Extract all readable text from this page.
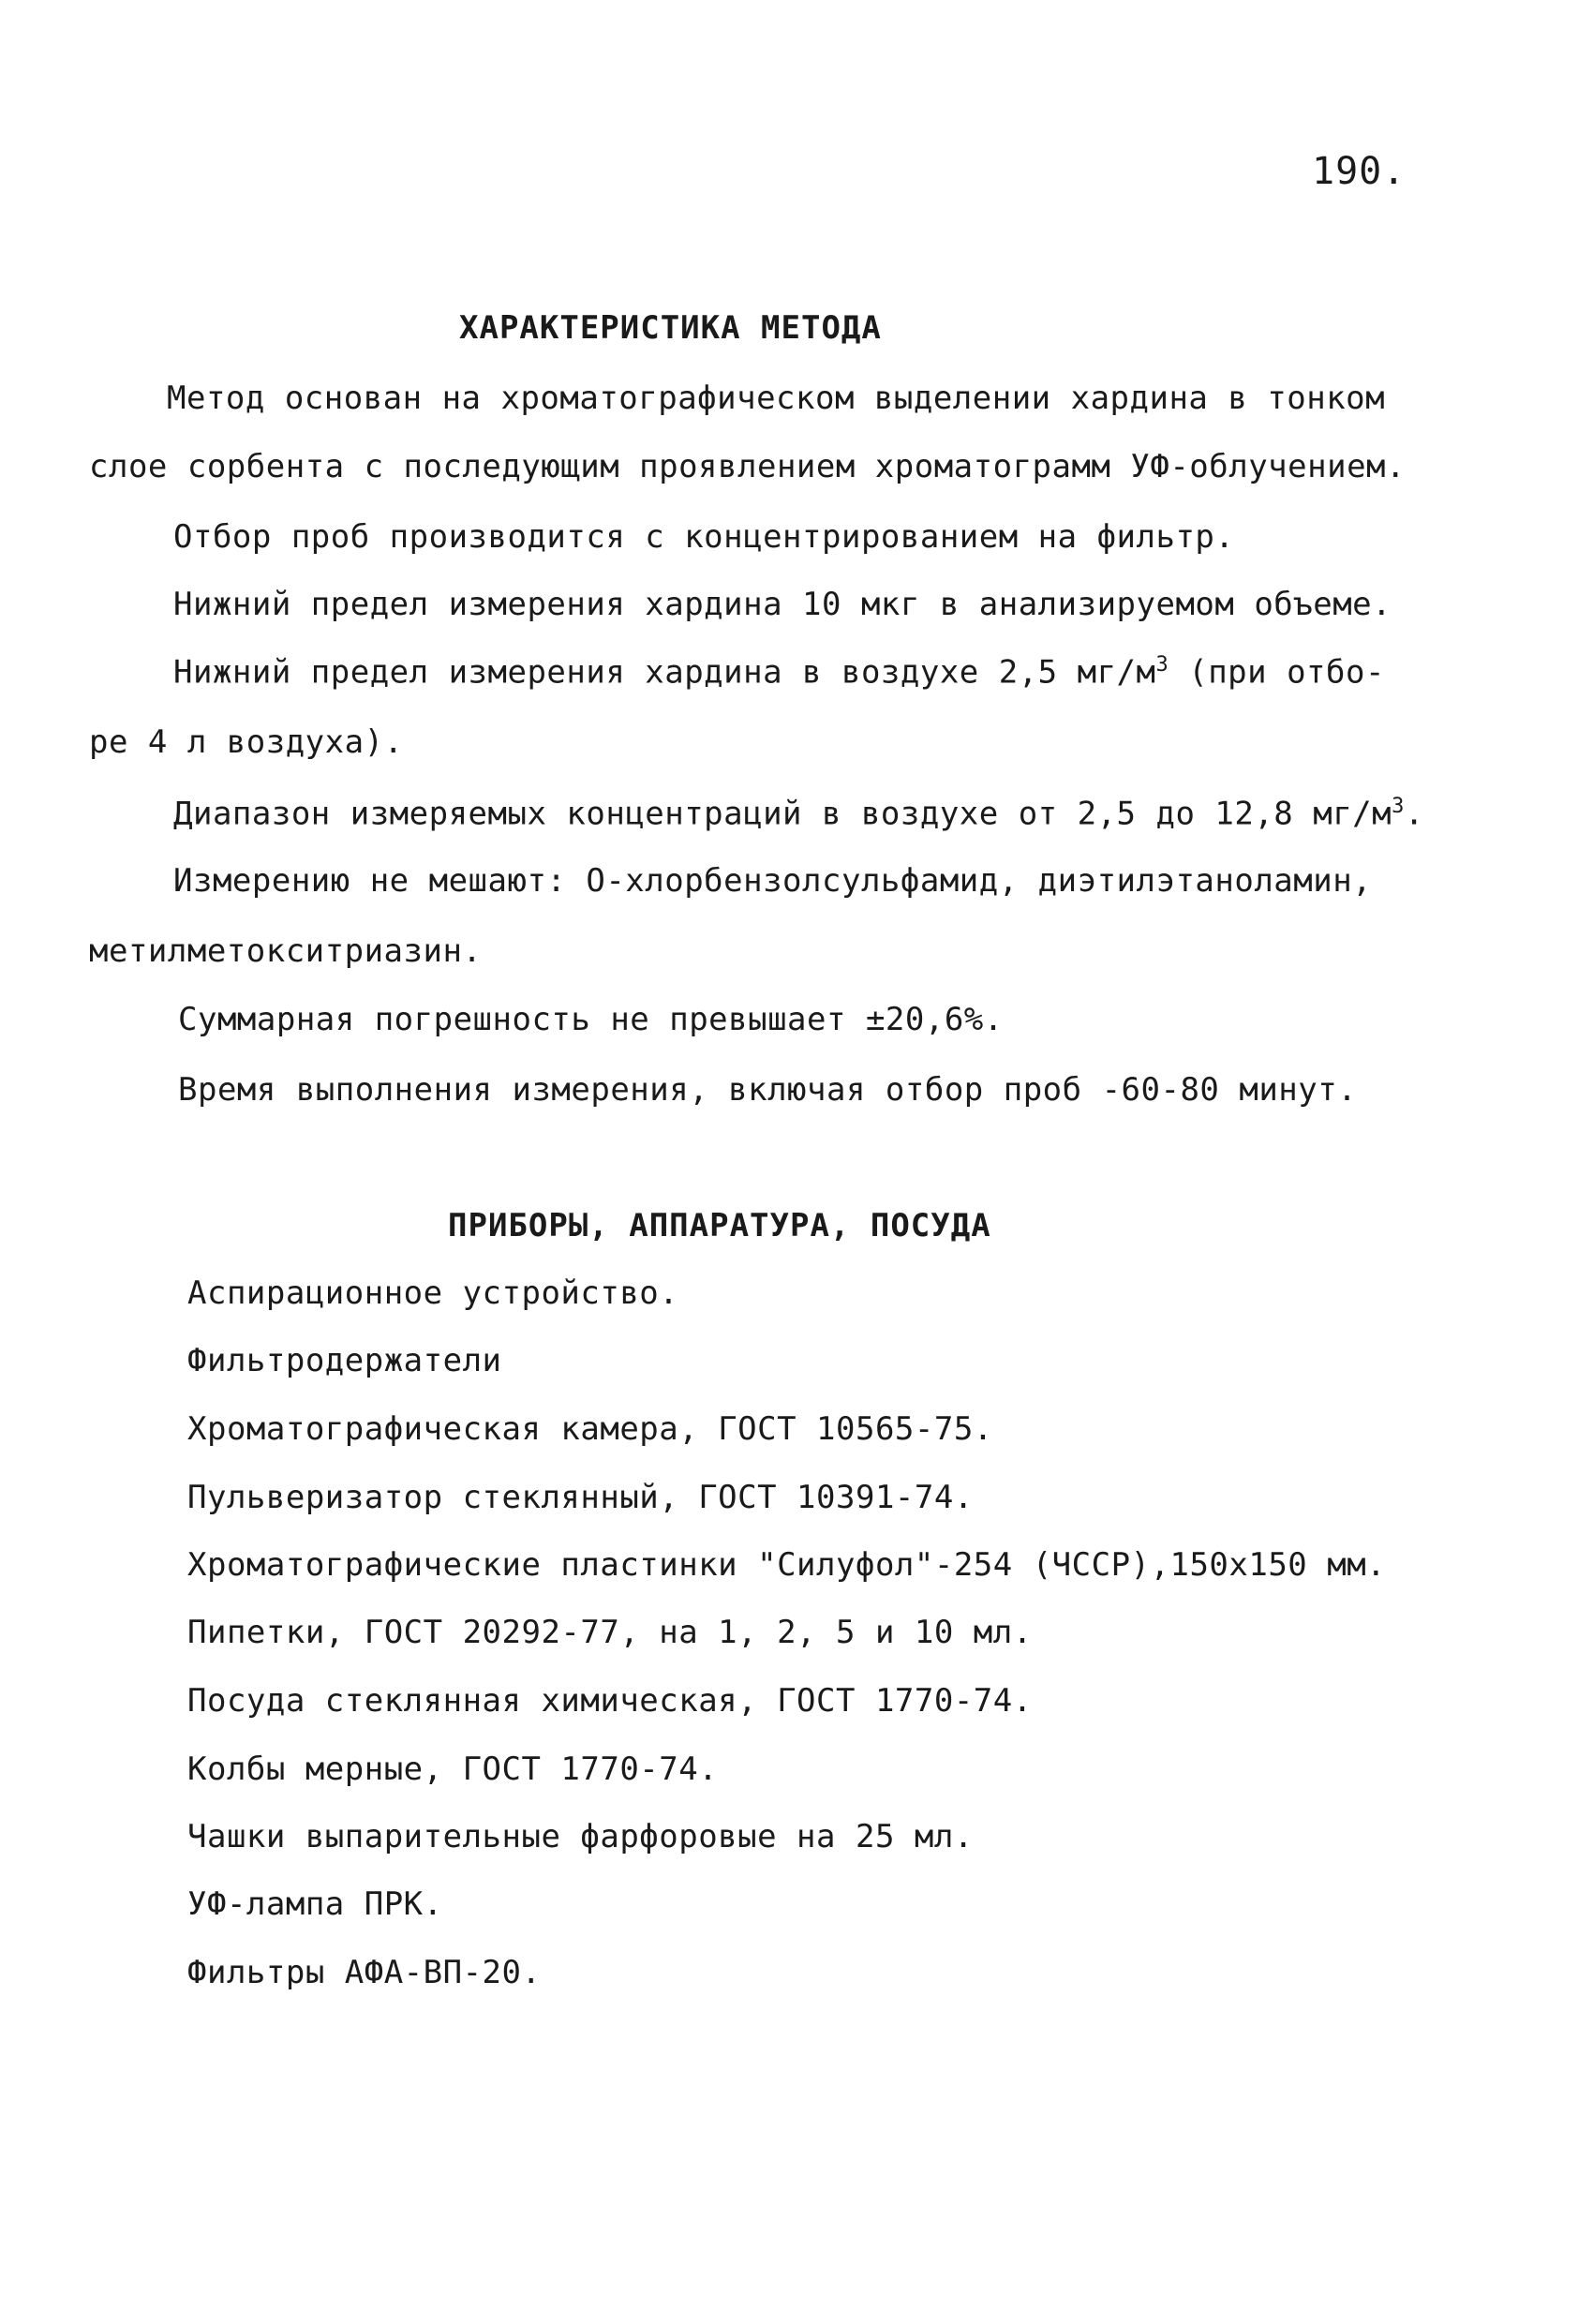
190.
ХАРАКТЕРИСТИКА МЕТОДА
Метод основан на хроматографическом выделении хардина в тонком
слое сорбента с последующим проявлением хроматограмм УФ-облучением.
Отбор проб производится с концентрированием на фильтр.
Нижний предел измерения хардина 10 мкг в анализируемом объеме.
Нижний предел измерения хардина в воздухе 2,5 $мг/м^3$ (при отбо-
ре 4 л воздуха).
Диапазон измеряемых концентраций в воздухе от 2,5 до 12,8 $мг/м^3$.
Измерению не мешают: О-хлорбензолсульфамид, диэтилэтаноламин,
метилметокситриазин.
Суммарная погрешность не превышает ±20,6%.
Время выполнения измерения, включая отбор проб -60-80 минут.
ПРИБОРЫ, АППАРАТУРА, ПОСУДА
Аспирационное устройство.
Фильтродержатели
Хроматографическая камера, ГОСТ 10565-75.
Пульверизатор стеклянный, ГОСТ 10391-74.
Хроматографические пластинки "Силуфол"-254 (ЧССР),150х150 мм.
Пипетки, ГОСТ 20292-77, на 1, 2, 5 и 10 мл.
Посуда стеклянная химическая, ГОСТ 1770-74.
Колбы мерные, ГОСТ 1770-74.
Чашки выпарительные фарфоровые на 25 мл.
УФ-лампа ПРК.
Фильтры АФА-ВП-20.
